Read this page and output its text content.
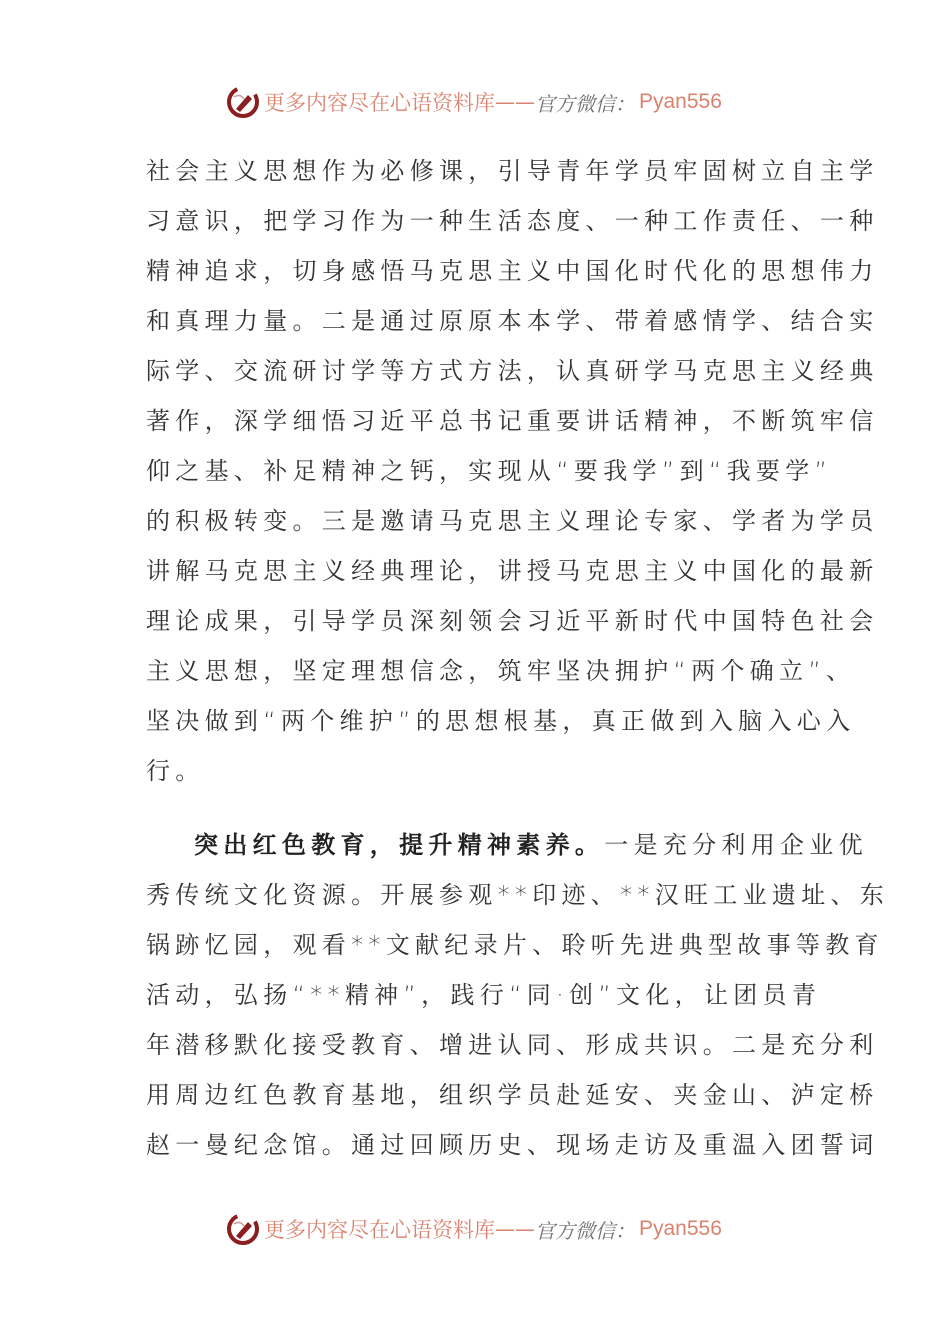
更多内容尽在心语资料库 —— 官方微信： Pyan556
社会主义思想作为必修课，引导青年学员牢固树立自主学
习意识，把学习作为一种生活态度、一种工作责任、一种
精神追求，切身感悟马克思主义中国化时代化的思想伟力
和真理力量。二是通过原原本本学、带着感情学、结合实
际学、交流研讨学等方式方法，认真研学马克思主义经典
著作，深学细悟习近平总书记重要讲话精神，不断筑牢信
仰之基、补足精神之钙，实现从“要我学”到“我要学”
的积极转变。三是邀请马克思主义理论专家、学者为学员
讲解马克思主义经典理论，讲授马克思主义中国化的最新
理论成果，引导学员深刻领会习近平新时代中国特色社会
主义思想，坚定理想信念，筑牢坚决拥护“两个确立”、
坚决做到“两个维护”的思想根基，真正做到入脑入心入
行。
突出红色教育，提升精神素养。一是充分利用企业优
秀传统文化资源。开展参观**印迹、**汉旺工业遗址、东
锅跡忆园，观看**文献纪录片、聆听先进典型故事等教育
活动，弘扬“**精神”，践行“同·创”文化，让团员青
年潜移默化接受教育、增进认同、形成共识。二是充分利
用周边红色教育基地，组织学员赴延安、夹金山、泸定桥
赵一曼纪念馆。通过回顾历史、现场走访及重温入团誓词
更多内容尽在心语资料库 —— 官方微信： Pyan556
